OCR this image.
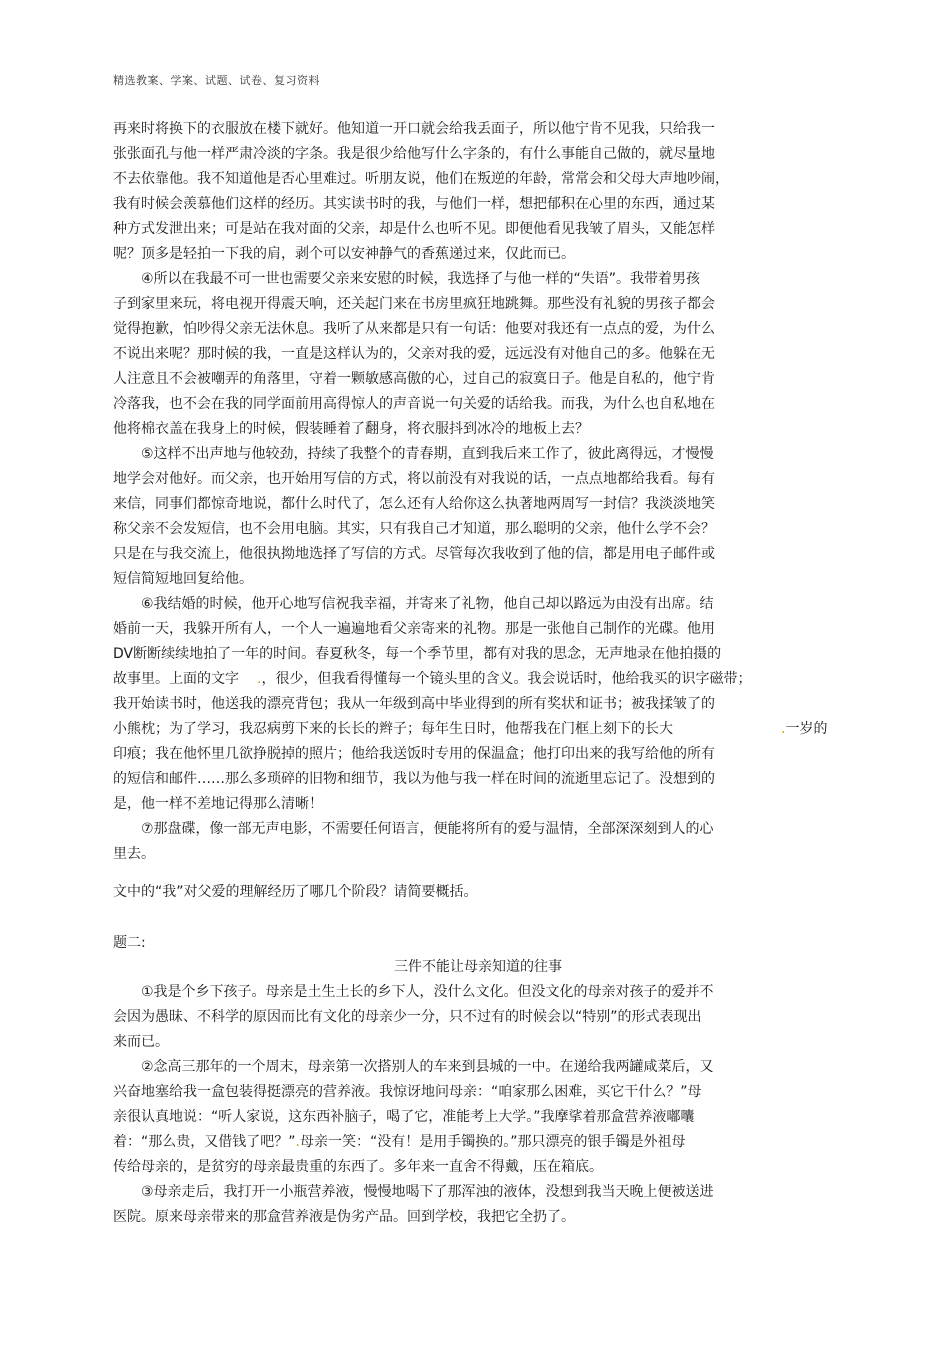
精选教案、学案、试题、试卷、复习资料
再来时将换下的衣服放在楼下就好。他知道一开口就会给我丢面子，所以他宁肯不见我，只给我一
张张面孔与他一样严肃冷淡的字条。我是很少给他写什么字条的，有什么事能自己做的，就尽量地
不去依靠他。我不知道他是否心里难过。听朋友说，他们在叛逆的年龄，常常会和父母大声地吵闹，
我有时候会羡慕他们这样的经历。其实读书时的我，与他们一样，想把郁积在心里的东西，通过某
种方式发泄出来；可是站在我对面的父亲，却是什么也听不见。即便他看见我皱了眉头，又能怎样
呢？顶多是轻拍一下我的肩，剥个可以安神静气的香蕉递过来，仅此而已。
　　④所以在我最不可一世也需要父亲来安慰的时候，我选择了与他一样的“失语”。我带着男孩
子到家里来玩，将电视开得震天响，还关起门来在书房里疯狂地跳舞。那些没有礼貌的男孩子都会
觉得抱歉，怕吵得父亲无法休息。我听了从来都是只有一句话：他要对我还有一点点的爱，为什么
不说出来呢？那时候的我，一直是这样认为的，父亲对我的爱，远远没有对他自己的多。他躲在无
人注意且不会被嘲弄的角落里，守着一颗敏感高傲的心，过自己的寂寞日子。他是自私的，他宁肯
冷落我，也不会在我的同学面前用高得惊人的声音说一句关爱的话给我。而我，为什么也自私地在
他将棉衣盖在我身上的时候，假装睡着了翻身，将衣服抖到冰冷的地板上去？
　　⑤这样不出声地与他较劲，持续了我整个的青春期，直到我后来工作了，彼此离得远，才慢慢
地学会对他好。而父亲，也开始用写信的方式，将以前没有对我说的话，一点点地都给我看。每有
来信，同事们都惊奇地说，都什么时代了，怎么还有人给你这么执著地两周写一封信？我淡淡地笑
称父亲不会发短信，也不会用电脑。其实，只有我自己才知道，那么聪明的父亲，他什么学不会？
只是在与我交流上，他很执拗地选择了写信的方式。尽管每次我收到了他的信，都是用电子邮件或
短信简短地回复给他。
　　⑥我结婚的时候，他开心地写信祝我幸福，并寄来了礼物，他自己却以路远为由没有出席。结
婚前一天，我躲开所有人，一个人一遍遍地看父亲寄来的礼物。那是一张他自己制作的光碟。他用
DV断断续续地拍了一年的时间。春夏秋冬，每一个季节里，都有对我的思念，无声地录在他拍摄的
故事里。上面的文字 .，很少，但我看得懂每一个镜头里的含义。我会说话时，他给我买的识字磁带；
我开始读书时，他送我的漂亮背包；我从一年级到高中毕业得到的所有奖状和证书；被我揉皱了的
小熊枕；为了学习，我忍病剪下来的长长的辫子；每年生日时，他帮我在门框上刻下的长大
印痕；我在他怀里几欲挣脱掉的照片；他给我送饭时专用的保温盒；他打印出来的我写给他的所有
的短信和邮件……那么多琐碎的旧物和细节，我以为他与我一样在时间的流逝里忘记了。没想到的
是，他一样不差地记得那么清晰！
.一岁的
　　⑦那盘碟，像一部无声电影，不需要任何语言，便能将所有的爱与温情，全部深深刻到人的心
里去。
文中的“我”对父爱的理解经历了哪几个阶段？请简要概括。
题二:
三件不能让母亲知道的往事
　　①我是个乡下孩子。母亲是土生土长的乡下人，没什么文化。但没文化的母亲对孩子的爱并不
会因为愚昧、不科学的原因而比有文化的母亲少一分，只不过有的时候会以“特别”的形式表现出
来而已。
　　②念高三那年的一个周末，母亲第一次搭别人的车来到县城的一中。在递给我两罐咸菜后，又
兴奋地塞给我一盒包装得挺漂亮的营养液。我惊讶地问母亲：“咱家那么困难，买它干什么？”母
亲很认真地说：“听人家说，这东西补脑子，喝了它，准能考上大学。”我摩挲着那盒营养液嘟囔
着：“那么贵，又借钱了吧？”.母亲一笑：“没有！是用手镯换的。”那只漂亮的银手镯是外祖母
传给母亲的，是贫穷的母亲最贵重的东西了。多年来一直舍不得戴，压在箱底。
　　③母亲走后，我打开一小瓶营养液，慢慢地喝下了那浑浊的液体，没想到我当天晚上便被送进
医院。原来母亲带来的那盒营养液是伪劣产品。回到学校，我把它全扔了。
